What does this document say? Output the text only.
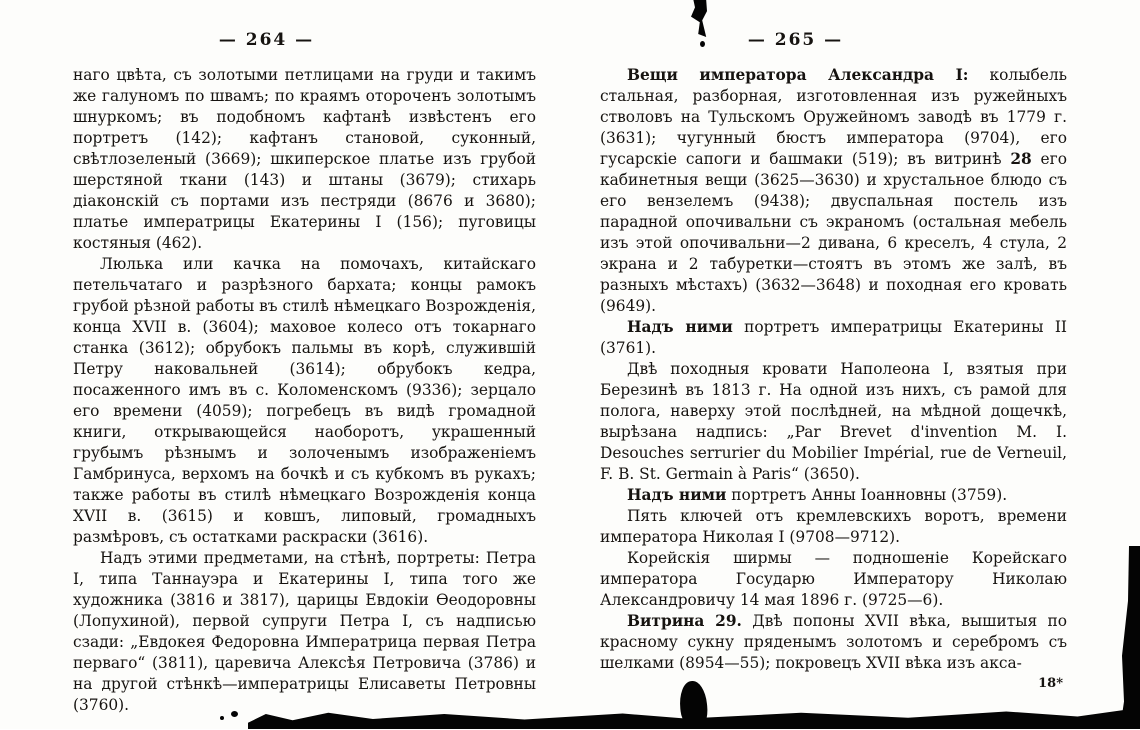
— 264 —

наго цвѣта, съ золотыми петлицами на груди и такимъ же галуномъ по швамъ; по краямъ отороченъ золотымъ шнуркомъ; въ подобномъ кафтанѣ извѣстенъ его портретъ (142); кафтанъ становой, суконный, свѣтлозеленый (3669); шкиперское платье изъ грубой шерстяной ткани (143) и штаны (3679); стихарь діаконскій съ портами изъ пестряди (8676 и 3680); платье императрицы Екатерины I (156); пуговицы костяныя (462).

Люлька или качка на помочахъ, китайскаго петельчатаго и разрѣзного бархата; концы рамокъ грубой рѣзной работы въ стилѣ нѣмецкаго Возрожденія, конца XVII в. (3604); маховое колесо отъ токарнаго станка (3612); обрубокъ пальмы въ корѣ, служившій Петру наковальней (3614); обрубокъ кедра, посаженного имъ въ с. Коломенскомъ (9336); зерцало его времени (4059); погребецъ въ видѣ громадной книги, открывающейся наоборотъ, украшенный грубымъ рѣзнымъ и золоченымъ изображеніемъ Гамбринуса, верхомъ на бочкѣ и съ кубкомъ въ рукахъ; также работы въ стилѣ нѣмецкаго Возрожденія конца XVII в. (3615) и ковшъ, липовый, громадныхъ размѣровъ, съ остатками раскраски (3616).

Надъ этими предметами, на стѣнѣ, портреты: Петра I, типа Таннауэра и Екатерины I, типа того же художника (3816 и 3817), царицы Евдокіи Ѳеодоровны (Лопухиной), первой супруги Петра I, съ надписью сзади: „Евдокея Федоровна Императрица первая Петра перваго“ (3811), царевича Алексѣя Петровича (3786) и на другой стѣнкѣ—императрицы Елисаветы Петровны (3760).

— 265 —

Вещи императора Александра I: колыбель стальная, разборная, изготовленная изъ ружейныхъ стволовъ на Тульскомъ Оружейномъ заводѣ въ 1779 г. (3631); чугунный бюстъ императора (9704), его гусарскіе сапоги и башмаки (519); въ витринѣ 28 его кабинетныя вещи (3625—3630) и хрустальное блюдо съ его вензелемъ (9438); двуспальная постель изъ парадной опочивальни съ экраномъ (остальная мебель изъ этой опочивальни—2 дивана, 6 креселъ, 4 стула, 2 экрана и 2 табуретки—стоятъ въ этомъ же залѣ, въ разныхъ мѣстахъ) (3632—3648) и походная его кровать (9649).

Надъ ними портретъ императрицы Екатерины II (3761).

Двѣ походныя кровати Наполеона I, взятыя при Березинѣ въ 1813 г. На одной изъ нихъ, съ рамой для полога, наверху этой послѣдней, на мѣдной дощечкѣ, вырѣзана надпись: „Par Brevet d'invention M. I. Desouches serrurier du Mobilier Impérial, rue de Verneuil, F. B. St. Germain à Paris“ (3650).

Надъ ними портретъ Анны Іоанновны (3759).

Пять ключей отъ кремлевскихъ воротъ, времени императора Николая I (9708—9712).

Корейскія ширмы — подношеніе Корейскаго императора Государю Императору Николаю Александровичу 14 мая 1896 г. (9725—6).

Витрина 29. Двѣ попоны XVII вѣка, вышитыя по красному сукну пряденымъ золотомъ и серебромъ съ шелками (8954—55); покровецъ XVII вѣка изъ акса-

18*
